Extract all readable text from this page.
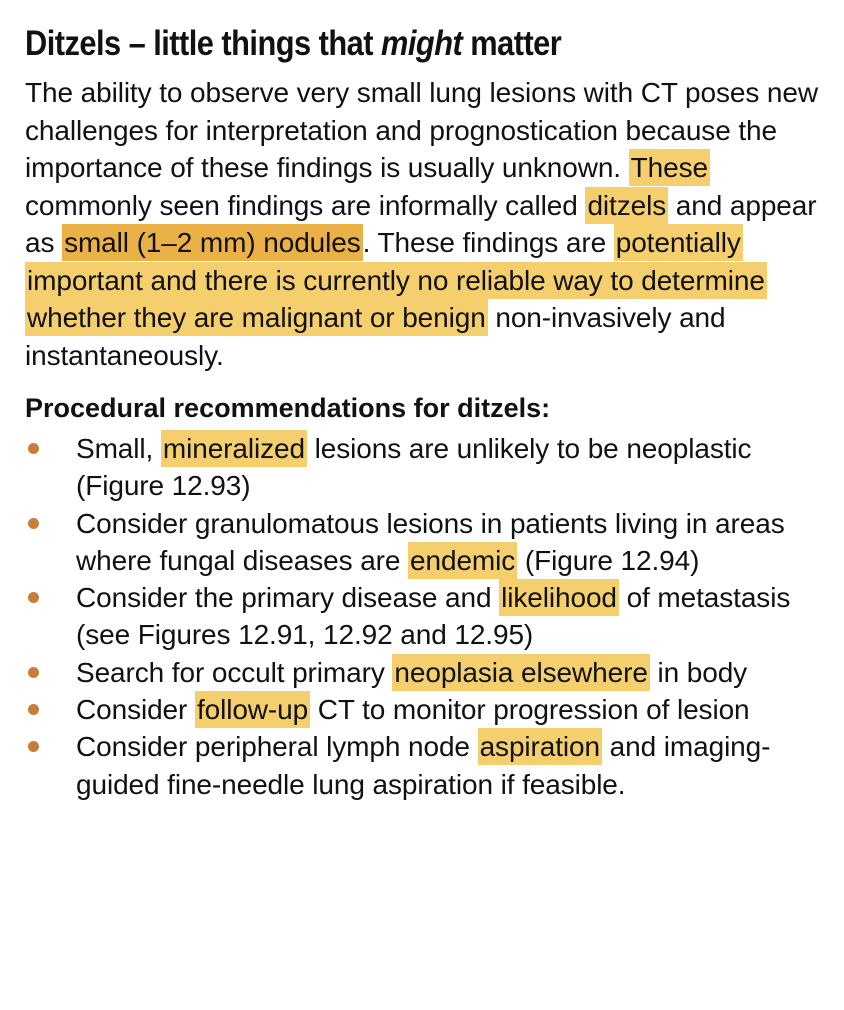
Ditzels – little things that might matter

The ability to observe very small lung lesions with CT poses new challenges for interpretation and prognostication because the importance of these findings is usually unknown. These commonly seen findings are informally called ditzels and appear as small (1–2 mm) nodules. These findings are potentially important and there is currently no reliable way to determine whether they are malignant or benign non-invasively and instantaneously.

Procedural recommendations for ditzels:
Small, mineralized lesions are unlikely to be neoplastic (Figure 12.93)
Consider granulomatous lesions in patients living in areas where fungal diseases are endemic (Figure 12.94)
Consider the primary disease and likelihood of metastasis (see Figures 12.91, 12.92 and 12.95)
Search for occult primary neoplasia elsewhere in body
Consider follow-up CT to monitor progression of lesion
Consider peripheral lymph node aspiration and imaging-guided fine-needle lung aspiration if feasible.
